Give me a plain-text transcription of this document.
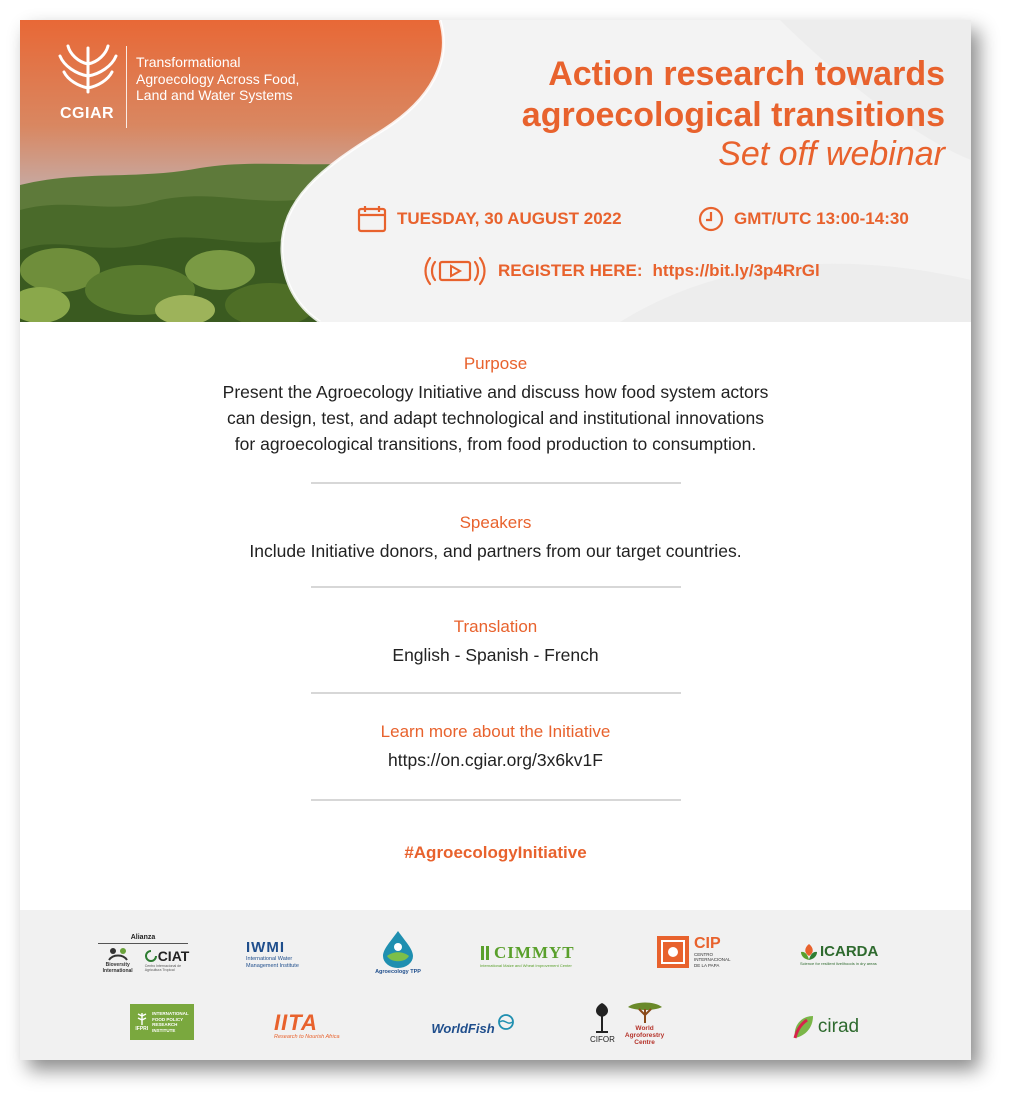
CGIAR
Transformational
Agroecology Across Food,
Land and Water Systems
Action research towards
agroecological transitions
Set off webinar
TUESDAY, 30 AUGUST 2022	GMT/UTC 13:00-14:30
REGISTER HERE: https://bit.ly/3p4RrGl
Purpose
Present the Agroecology Initiative and discuss how food system actors
can design, test, and adapt technological and institutional innovations
for agroecological transitions, from food production to consumption.
Speakers
Include Initiative donors, and partners from our target countries.
Translation
English - Spanish - French
Learn more about the Initiative
https://on.cgiar.org/3x6kv1F
#AgroecologyInitiative
Alianza
Bioversity International
CIAT
Centro Internacional de Agricultura Tropical
IWMI
International Water
Management Institute
Agroecology TPP
CIMMYT
International Maize and Wheat Improvement Center
CIP
CENTRO
INTERNACIONAL
DE LA PAPA
ICARDA
Science for resilient livelihoods in dry areas
IFPRI
INTERNATIONAL
FOOD POLICY
RESEARCH
INSTITUTE	IITA
Research to Nourish Africa
WorldFish
CIFOR
World
Agroforestry
Centre
cirad
